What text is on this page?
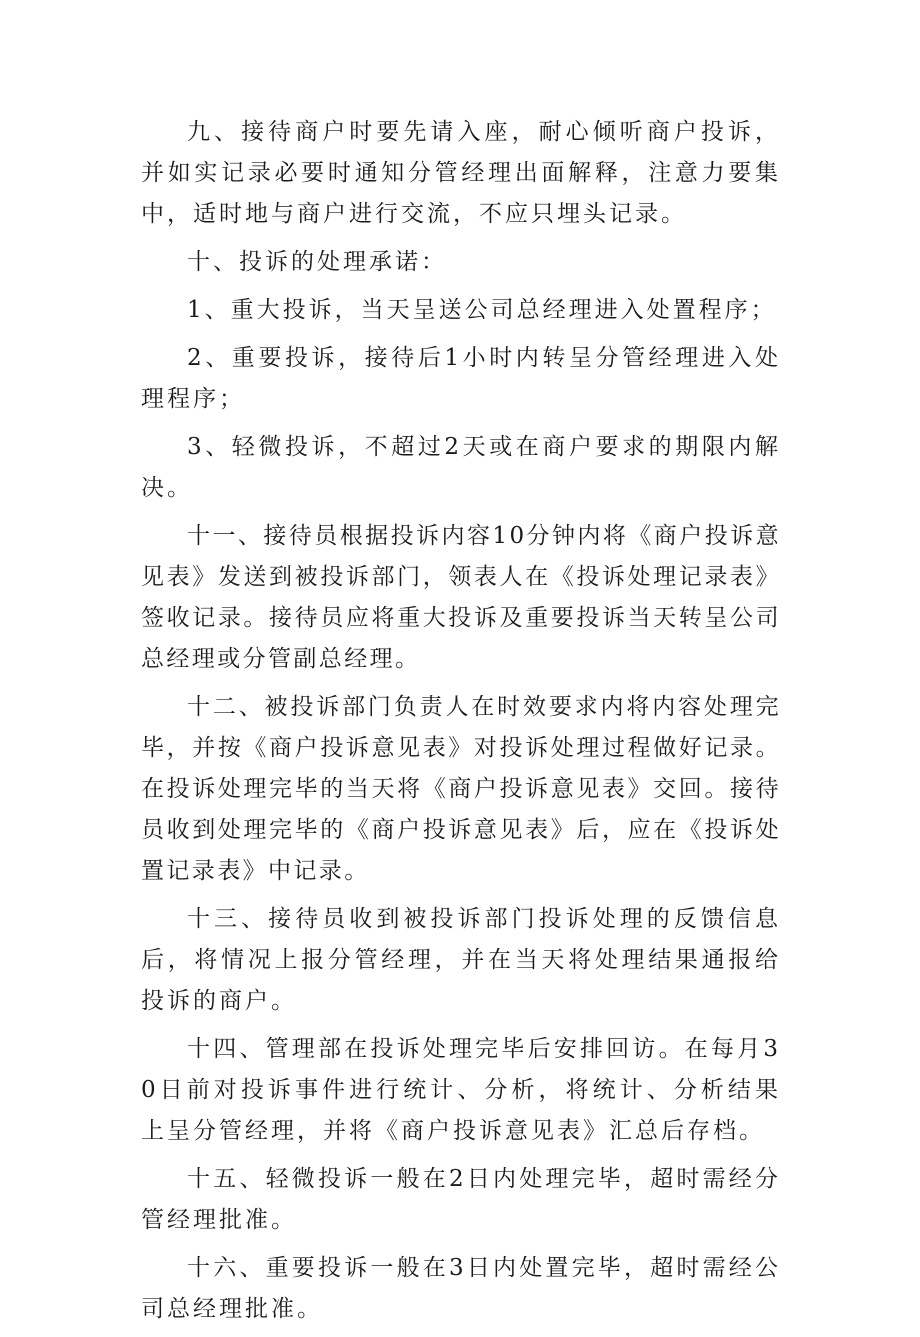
九、接待商户时要先请入座，耐心倾听商户投诉，并如实记录必要时通知分管经理出面解释，注意力要集中，适时地与商户进行交流，不应只埋头记录。

十、投诉的处理承诺：

1、重大投诉，当天呈送公司总经理进入处置程序；

2、重要投诉，接待后1小时内转呈分管经理进入处理程序；

3、轻微投诉，不超过2天或在商户要求的期限内解决。

十一、接待员根据投诉内容10分钟内将《商户投诉意见表》发送到被投诉部门，领表人在《投诉处理记录表》签收记录。接待员应将重大投诉及重要投诉当天转呈公司总经理或分管副总经理。

十二、被投诉部门负责人在时效要求内将内容处理完毕，并按《商户投诉意见表》对投诉处理过程做好记录。在投诉处理完毕的当天将《商户投诉意见表》交回。接待员收到处理完毕的《商户投诉意见表》后，应在《投诉处置记录表》中记录。

十三、接待员收到被投诉部门投诉处理的反馈信息后，将情况上报分管经理，并在当天将处理结果通报给投诉的商户。

十四、管理部在投诉处理完毕后安排回访。在每月30日前对投诉事件进行统计、分析，将统计、分析结果上呈分管经理，并将《商户投诉意见表》汇总后存档。

十五、轻微投诉一般在2日内处理完毕，超时需经分管经理批准。

十六、重要投诉一般在3日内处置完毕，超时需经公司总经理批准。
